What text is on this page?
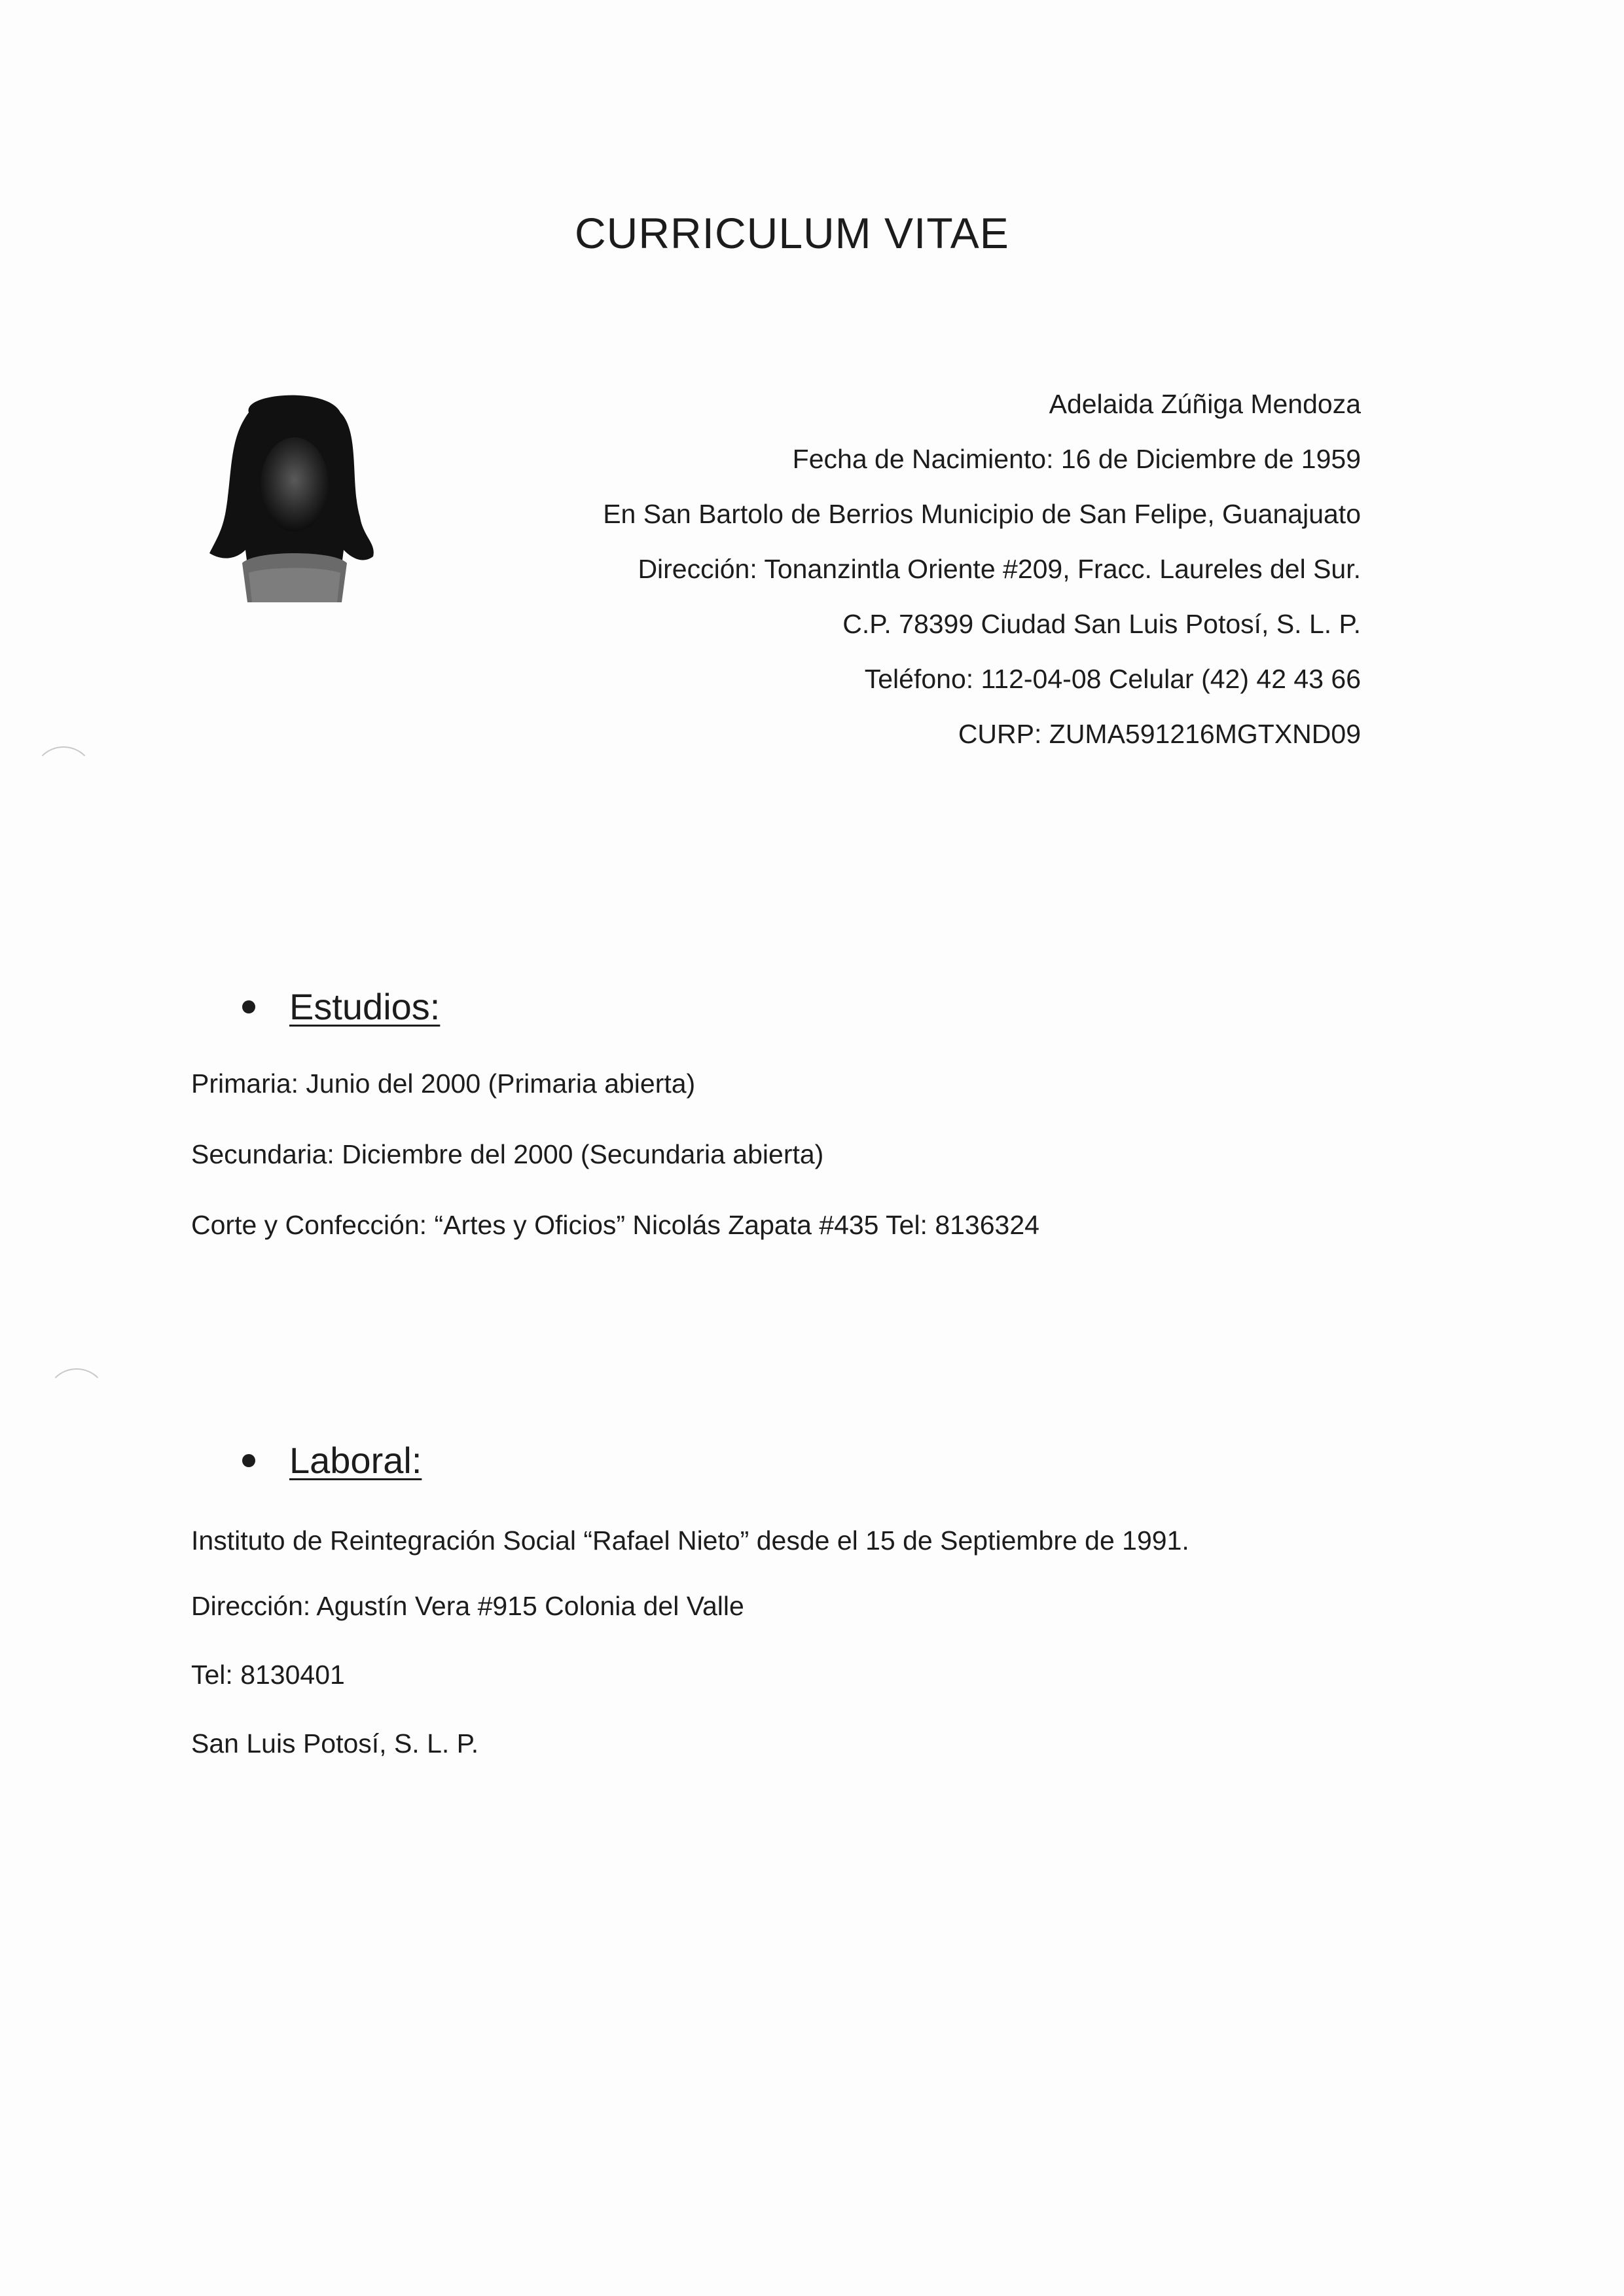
CURRICULUM VITAE
Adelaida Zúñiga Mendoza
Fecha de Nacimiento: 16 de Diciembre de 1959
En San Bartolo de Berrios Municipio de San Felipe, Guanajuato
Dirección: Tonanzintla Oriente #209, Fracc. Laureles del Sur.
C.P. 78399 Ciudad San Luis Potosí, S. L. P.
Teléfono: 112-04-08 Celular (42) 42 43 66
CURP: ZUMA591216MGTXND09
Estudios:
Primaria: Junio del 2000 (Primaria abierta)
Secundaria: Diciembre del 2000 (Secundaria abierta)
Corte y Confección: “Artes y Oficios” Nicolás Zapata #435 Tel: 8136324
Laboral:
Instituto de Reintegración Social “Rafael Nieto” desde el 15 de Septiembre de 1991.
Dirección: Agustín Vera #915 Colonia del Valle
Tel: 8130401
San Luis Potosí, S. L. P.
